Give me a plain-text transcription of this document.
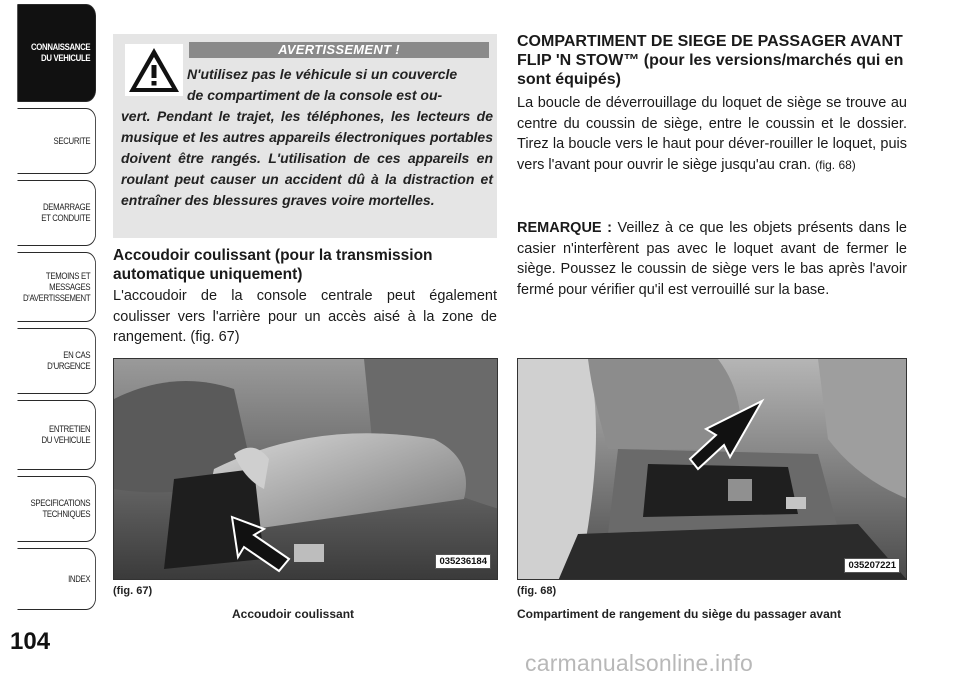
CONNAISSANCE
DU VEHICULE
SECURITE
DEMARRAGE
ET CONDUITE
TEMOINS ET
MESSAGES
D'AVERTISSEMENT
EN CAS
D'URGENCE
ENTRETIEN
DU VEHICULE
SPECIFICATIONS
TECHNIQUES
INDEX
104
AVERTISSEMENT !
N'utilisez pas le véhicule si un couvercle
de compartiment de la console est ou-
vert. Pendant le trajet, les téléphones, les lecteurs de musique et les autres appareils électroniques portables doivent être rangés. L'utilisation de ces appareils en roulant peut causer un accident dû à la distraction et entraîner des blessures graves voire mortelles.
Accoudoir coulissant (pour la transmission automatique uniquement)
L'accoudoir de la console centrale peut également coulisser vers l'arrière pour un accès aisé à la zone de rangement. (fig. 67)
COMPARTIMENT DE SIEGE DE PASSAGER AVANT FLIP 'N STOW™ (pour les versions/marchés qui en sont équipés)
La boucle de déverrouillage du loquet de siège se trouve au centre du coussin de siège, entre le coussin et le dossier. Tirez la boucle vers le haut pour déver-rouiller le loquet, puis vers l'avant pour ouvrir le siège jusqu'au cran. (fig. 68)
REMARQUE : Veillez à ce que les objets présents dans le casier n'interfèrent pas avec le loquet avant de fermer le siège. Poussez le coussin de siège vers le bas après l'avoir fermé pour vérifier qu'il est verrouillé sur la base.
035236184
(fig. 67)
Accoudoir coulissant
035207221
(fig. 68)
Compartiment de rangement du siège du passager avant
carmanualsonline.info
